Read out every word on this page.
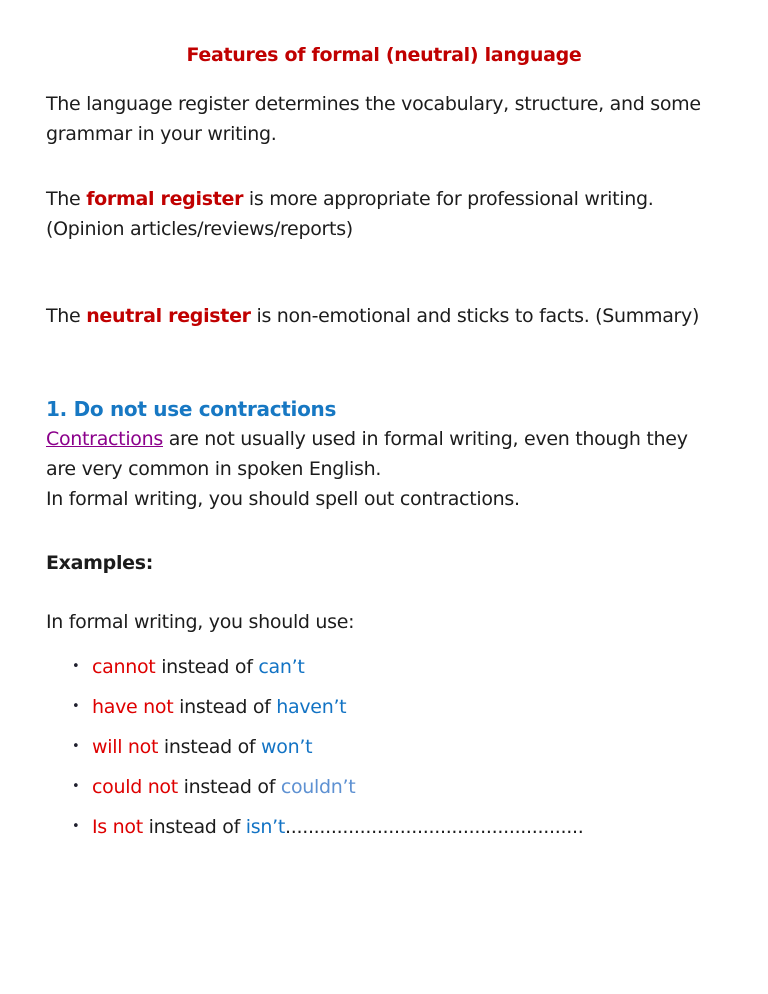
Features of formal (neutral) language

The language register determines the vocabulary, structure, and some grammar in your writing.

The formal register is more appropriate for professional writing. (Opinion articles/reviews/reports)

The neutral register is non-emotional and sticks to facts. (Summary)

1. Do not use contractions

Contractions are not usually used in formal writing, even though they are very common in spoken English.

In formal writing, you should spell out contractions.

Examples:

In formal writing, you should use:

• cannot instead of can’t
• have not instead of haven’t
• will not instead of won’t
• could not instead of couldn’t
• Is not instead of isn’t....................................................
